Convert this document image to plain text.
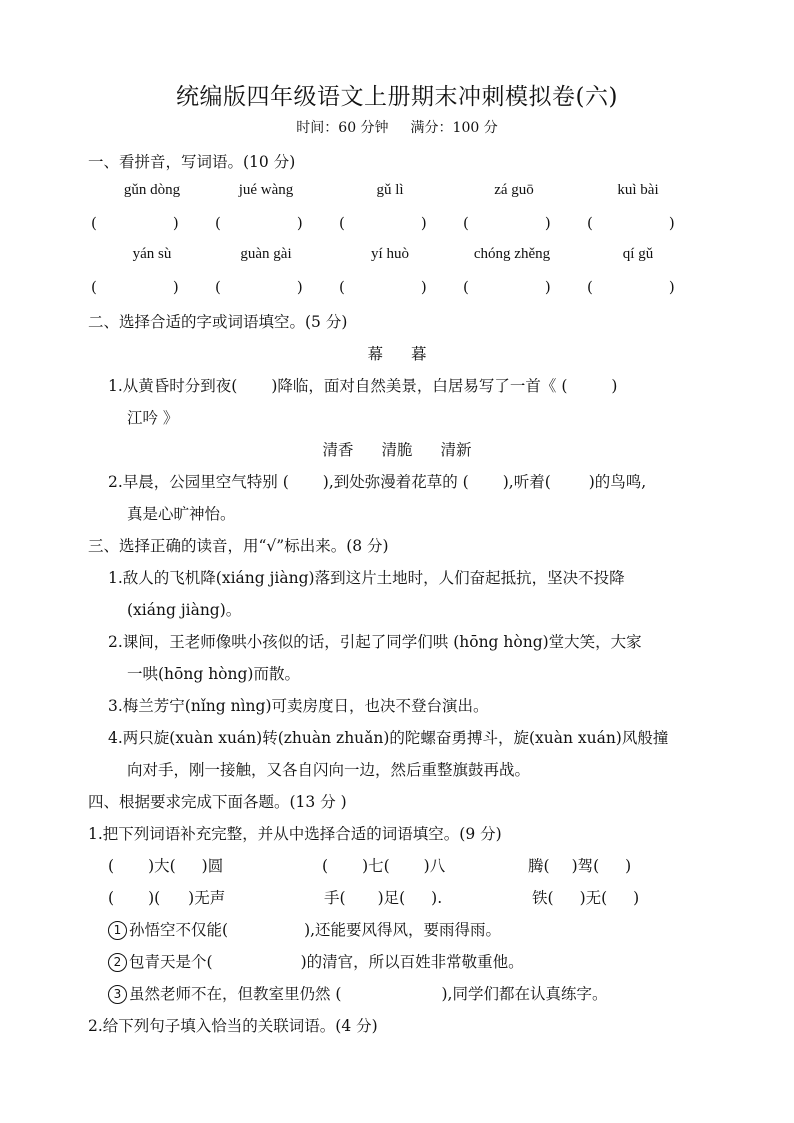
统编版四年级语文上册期末冲刺模拟卷(六)
时间：60 分钟 满分：100 分
一、看拼音，写词语。(10 分)
gǔn dòng	jué wàng	gǔ lì	zá guō	kuì bài
(	) (	) (	) (	) (	)
yán sù	guàn gài	yí huò	chóng zhěng	qí gǔ
(	) (	) (	) (	) (	)
二、选择合适的字或词语填空。(5 分)
幕 暮
1.从黄昏时分到夜( )降临，面对自然美景，白居易写了一首《 (	)
江吟 》
清香 清脆 清新
2.早晨，公园里空气特别 ( ),到处弥漫着花草的 ( ),听着( )的鸟鸣,
真是心旷神怡。
三、选择正确的读音，用“√”标出来。(8 分)
1.敌人的飞机降(xiáng jiàng)落到这片土地时，人们奋起抵抗，坚决不投降
(xiáng jiàng)。
2.课间，王老师像哄小孩似的话，引起了同学们哄 (hōng hòng)堂大笑，大家
一哄(hōng hòng)而散。
3.梅兰芳宁(nǐng nìng)可卖房度日，也决不登台演出。
4.两只旋(xuàn xuán)转(zhuàn zhuǎn)的陀螺奋勇搏斗，旋(xuàn xuán)风般撞
向对手，刚一接触，又各自闪向一边，然后重整旗鼓再战。
四、根据要求完成下面各题。(13 分 )
1.把下列词语补充完整，并从中选择合适的词语填空。(9 分)
( )大( )圆	( )七( )八	腾( )驾( )
( )( )无声	手( )足( ).	铁( )无( )
1 孙悟空不仅能(	),还能要风得风，要雨得雨。
2 包青天是个(	)的清官，所以百姓非常敬重他。
3 虽然老师不在，但教室里仍然 (	),同学们都在认真练字。
2.给下列句子填入恰当的关联词语。(4 分)
